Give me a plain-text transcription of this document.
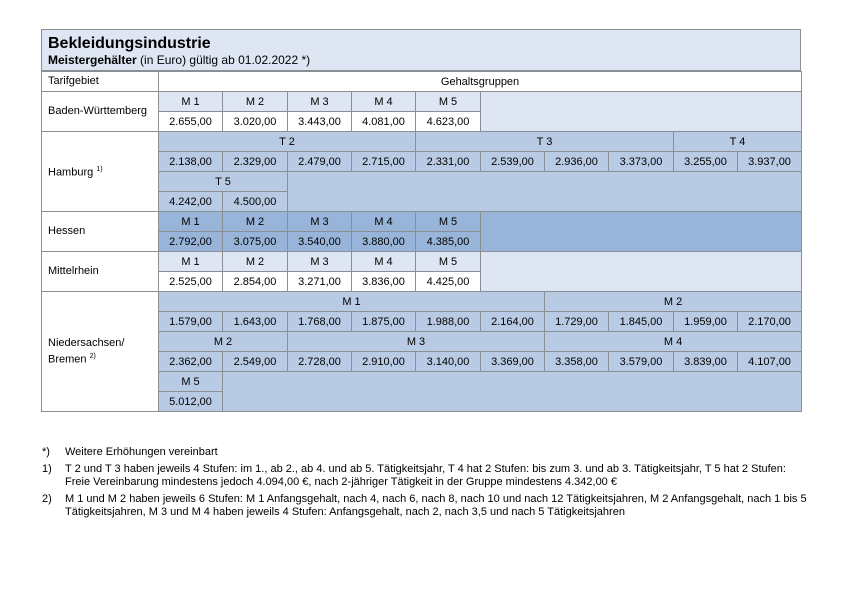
Bekleidungsindustrie
Meistergehälter (in Euro) gültig ab 01.02.2022 *)
Tarifgebiet	Gehaltsgruppen									
Baden-Württemberg	M 1	M 2	M 3	M 4	M 5					
	2.655,00	3.020,00	3.443,00	4.081,00	4.623,00					
Hamburg $^{1)}$	T 2				T 3				T 4	
	2.138,00	2.329,00	2.479,00	2.715,00	2.331,00	2.539,00	2.936,00	3.373,00	3.255,00	3.937,00
	T 5									
	4.242,00	4.500,00								
Hessen	M 1	M 2	M 3	M 4	M 5					
	2.792,00	3.075,00	3.540,00	3.880,00	4.385,00					
Mittelrhein	M 1	M 2	M 3	M 4	M 5					
	2.525,00	2.854,00	3.271,00	3.836,00	4.425,00					
Niedersachsen/
Bremen $^{2)}$	M 1						M 2			
	1.579,00	1.643,00	1.768,00	1.875,00	1.988,00	2.164,00	1.729,00	1.845,00	1.959,00	2.170,00
	M 2		M 3				M 4			
	2.362,00	2.549,00	2.728,00	2.910,00	3.140,00	3.369,00	3.358,00	3.579,00	3.839,00	4.107,00
	M 5									
	5.012,00									
*) Weitere Erhöhungen vereinbart
1) T 2 und T 3 haben jeweils 4 Stufen: im 1., ab 2., ab 4. und ab 5. Tätigkeitsjahr, T 4 hat 2 Stufen: bis zum 3. und ab 3. Tätigkeitsjahr, T 5 hat 2 Stufen: Freie Vereinbarung mindestens jedoch 4.094,00 €, nach 2-jähriger Tätigkeit in der Gruppe mindestens 4.342,00 €
2) M 1 und M 2 haben jeweils 6 Stufen: M 1 Anfangsgehalt, nach 4, nach 6, nach 8, nach 10 und nach 12 Tätigkeitsjahren, M 2 Anfangsgehalt, nach 1 bis 5 Tätigkeitsjahren, M 3 und M 4 haben jeweils 4 Stufen: Anfangsgehalt, nach 2, nach 3,5 und nach 5 Tätigkeitsjahren
